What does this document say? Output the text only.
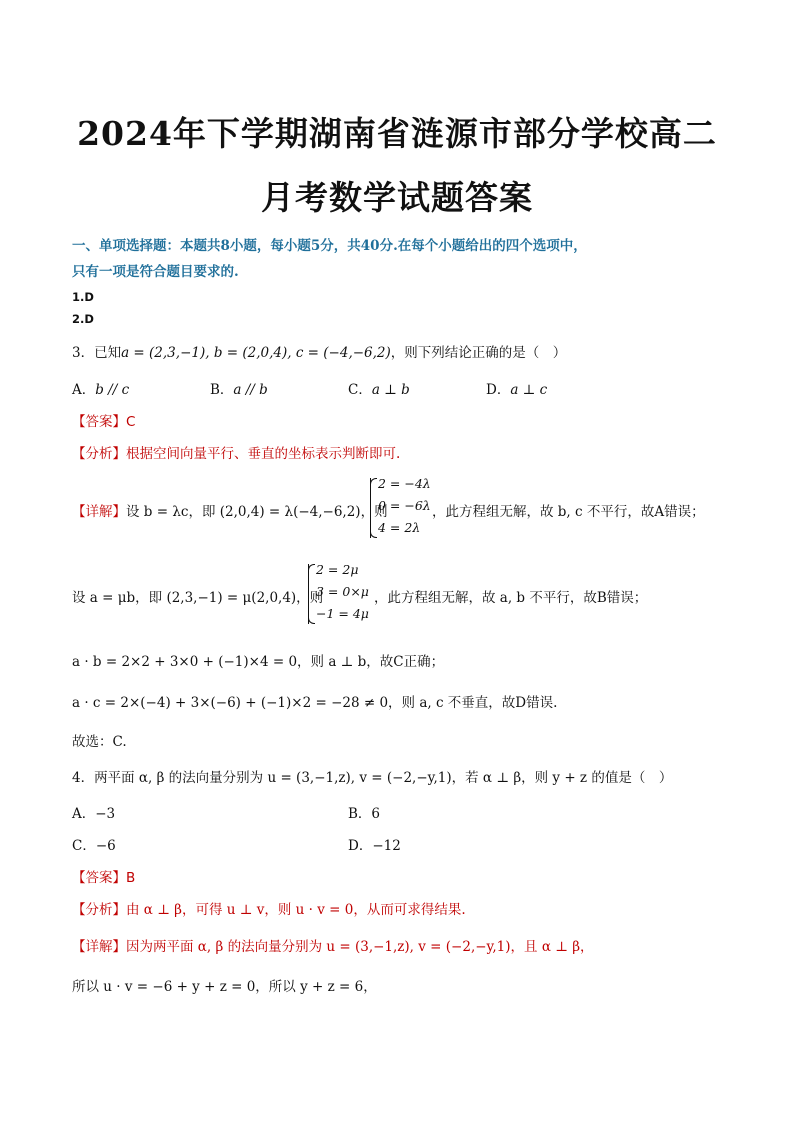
2024年下学期湖南省涟源市部分学校高二
月考数学试题答案
一、单项选择题：本题共8小题，每小题5分，共40分.在每个小题给出的四个选项中，
只有一项是符合题目要求的.
1.D
2.D
3．已知a = (2,3,−1), b = (2,0,4), c = (−4,−6,2)，则下列结论正确的是（　）
A．b // c	B．a // b	C．a ⊥ b	D．a ⊥ c
【答案】C
【分析】根据空间向量平行、垂直的坐标表示判断即可.
【详解】设 b = λc，即 (2,0,4) = λ(−4,−6,2)，则
2 = −4λ
0 = −6λ
4 = 2λ
，此方程组无解，故 b, c 不平行，故A错误；
设 a = μb，即 (2,3,−1) = μ(2,0,4)，则
2 = 2μ
3 = 0×μ
−1 = 4μ
，此方程组无解，故 a, b 不平行，故B错误；
a · b = 2×2 + 3×0 + (−1)×4 = 0，则 a ⊥ b，故C正确；
a · c = 2×(−4) + 3×(−6) + (−1)×2 = −28 ≠ 0，则 a, c 不垂直，故D错误.
故选：C.
4．两平面 α, β 的法向量分别为 u = (3,−1,z), v = (−2,−y,1)，若 α ⊥ β，则 y + z 的值是（　）
A．−3	B．6
C．−6	D．−12
【答案】B
【分析】由 α ⊥ β，可得 u ⊥ v，则 u · v = 0，从而可求得结果.
【详解】因为两平面 α, β 的法向量分别为 u = (3,−1,z), v = (−2,−y,1)，且 α ⊥ β，
所以 u · v = −6 + y + z = 0，所以 y + z = 6，
